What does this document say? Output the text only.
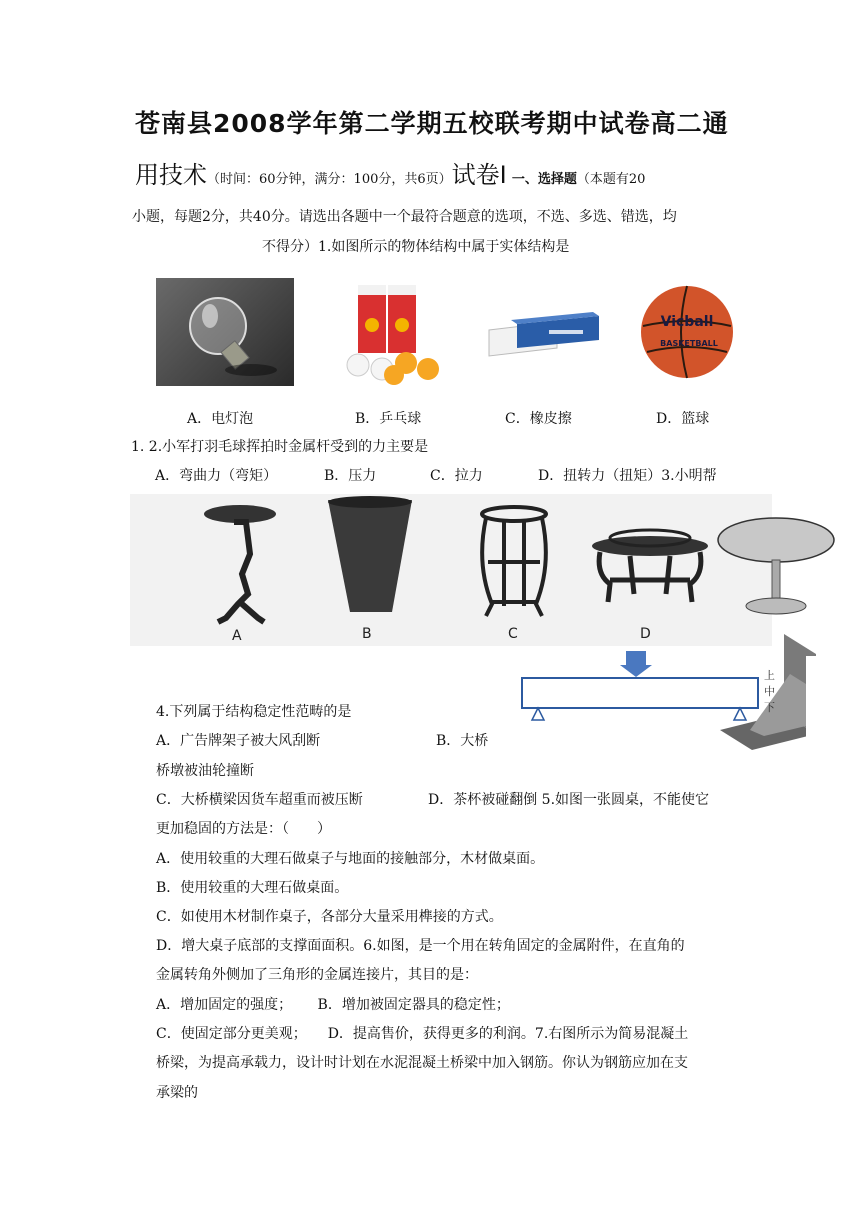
苍南县2008学年第二学期五校联考期中试卷高二通
用技术（时间：60分钟，满分：100分，共6页）试卷Ⅰ 一、选择题（本题有20
小题，每题2分，共40分。请选出各题中一个最符合题意的选项，不选、多选、错选，均
不得分）1.如图所示的物体结构中属于实体结构是
Vicball
BASKETBALL
A．电灯泡	B．乒乓球	C．橡皮擦	D．篮球
1. 2.小军打羽毛球挥拍时金属杆受到的力主要是
A．弯曲力（弯矩）	B．压力	C．拉力	D．扭转力（扭矩）3.小明帮
A	B	C	D
上
中
下
4.下列属于结构稳定性范畴的是
A．广告牌架子被大风刮断	B．大桥
桥墩被油轮撞断
C．大桥横梁因货车超重而被压断	D．茶杯被碰翻倒 5.如图一张圆桌，不能使它
更加稳固的方法是：（　　）
A．使用较重的大理石做桌子与地面的接触部分，木材做桌面。
B．使用较重的大理石做桌面。
C．如使用木材制作桌子，各部分大量采用榫接的方式。
D．增大桌子底部的支撑面面积。6.如图，是一个用在转角固定的金属附件，在直角的
金属转角外侧加了三角形的金属连接片，其目的是：
A．增加固定的强度；　　 B．增加被固定器具的稳定性；
C．使固定部分更美观；　　D．提高售价，获得更多的利润。7.右图所示为简易混凝土
桥梁，为提高承载力，设计时计划在水泥混凝土桥梁中加入钢筋。你认为钢筋应加在支
承梁的
